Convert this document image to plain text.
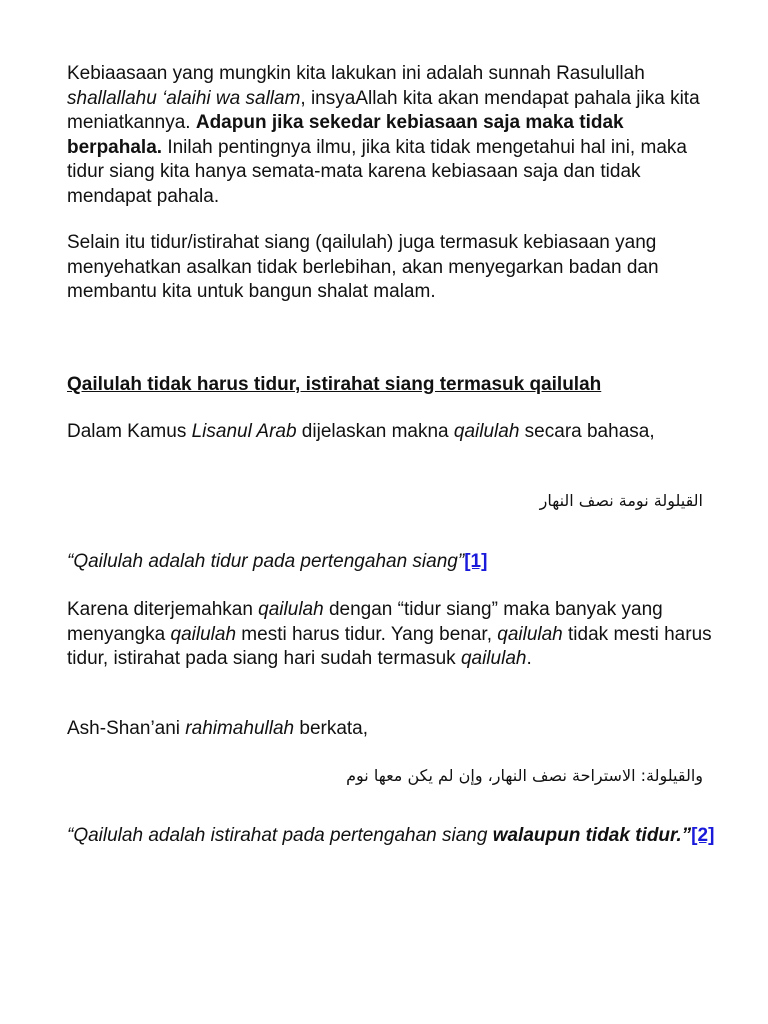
Kebiaasaan yang mungkin kita lakukan ini adalah sunnah Rasulullah shallallahu ‘alaihi wa sallam, insyaAllah kita akan mendapat pahala jika kita meniatkannya. Adapun jika sekedar kebiasaan saja maka tidak berpahala. Inilah pentingnya ilmu, jika kita tidak mengetahui hal ini, maka tidur siang kita hanya semata-mata karena kebiasaan saja dan tidak mendapat pahala.

Selain itu tidur/istirahat siang (qailulah) juga termasuk kebiasaan yang menyehatkan asalkan tidak berlebihan, akan menyegarkan badan dan membantu kita untuk bangun shalat malam.

Qailulah tidak harus tidur, istirahat siang termasuk qailulah

Dalam Kamus Lisanul Arab dijelaskan makna qailulah secara bahasa,

القيلولة نومة نصف النهار

“Qailulah adalah tidur pada pertengahan siang”[1]

Karena diterjemahkan qailulah dengan “tidur siang” maka banyak yang menyangka qailulah mesti harus tidur. Yang benar, qailulah tidak mesti harus tidur, istirahat pada siang hari sudah termasuk qailulah.

Ash-Shan’ani rahimahullah berkata,

والقيلولة: الاستراحة نصف النهار، وإن لم يكن معها نوم

“Qailulah adalah istirahat pada pertengahan siang walaupun tidak tidur.”[2]
